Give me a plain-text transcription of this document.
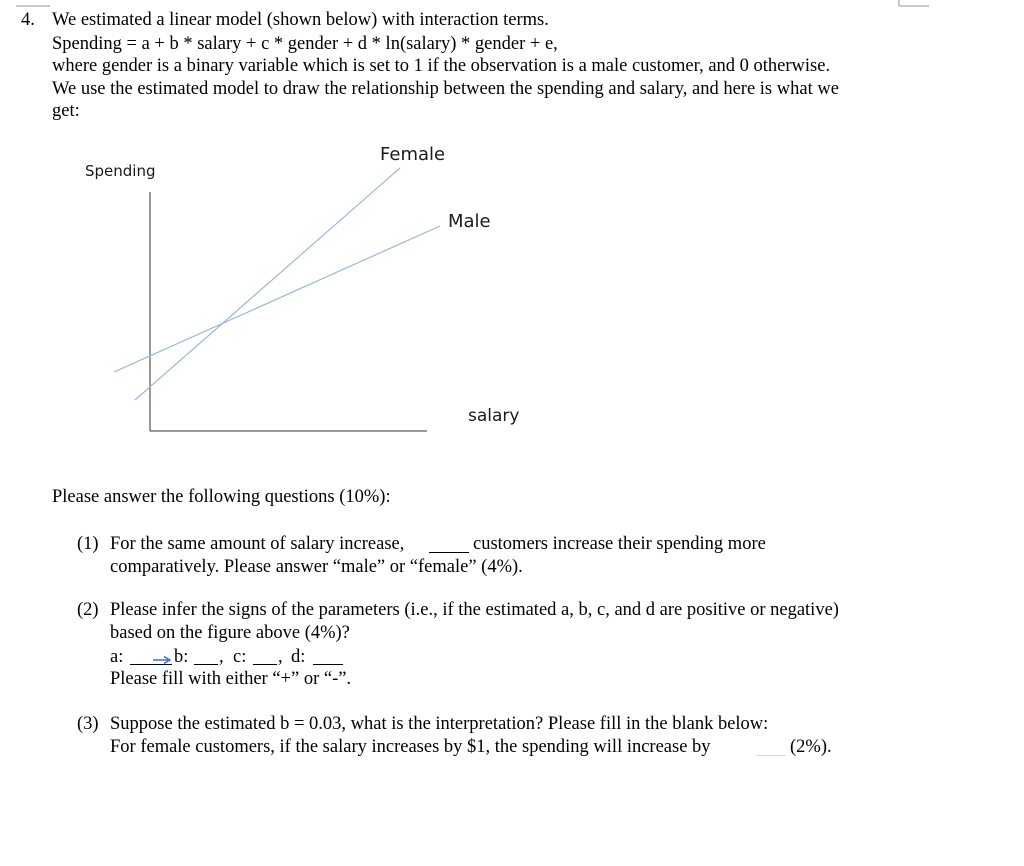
4. We estimated a linear model (shown below) with interaction terms.
Spending = a + b * salary + c * gender + d * ln(salary) * gender + e,
where gender is a binary variable which is set to 1 if the observation is a male customer, and 0 otherwise.
We use the estimated model to draw the relationship between the spending and salary, and here is what we
get:
Spending
Female
Male
salary
Please answer the following questions (10%):
(1) For the same amount of salary increase,	customers increase their spending more
comparatively. Please answer “male” or “female” (4%).
(2) Please infer the signs of the parameters (i.e., if the estimated a, b, c, and d are positive or negative)
based on the figure above (4%)?
a:	b: , c: , d:
Please fill with either “+” or “-”.
(3) Suppose the estimated b = 0.03, what is the interpretation? Please fill in the blank below:
For female customers, if the salary increases by $1, the spending will increase by	(2%).
